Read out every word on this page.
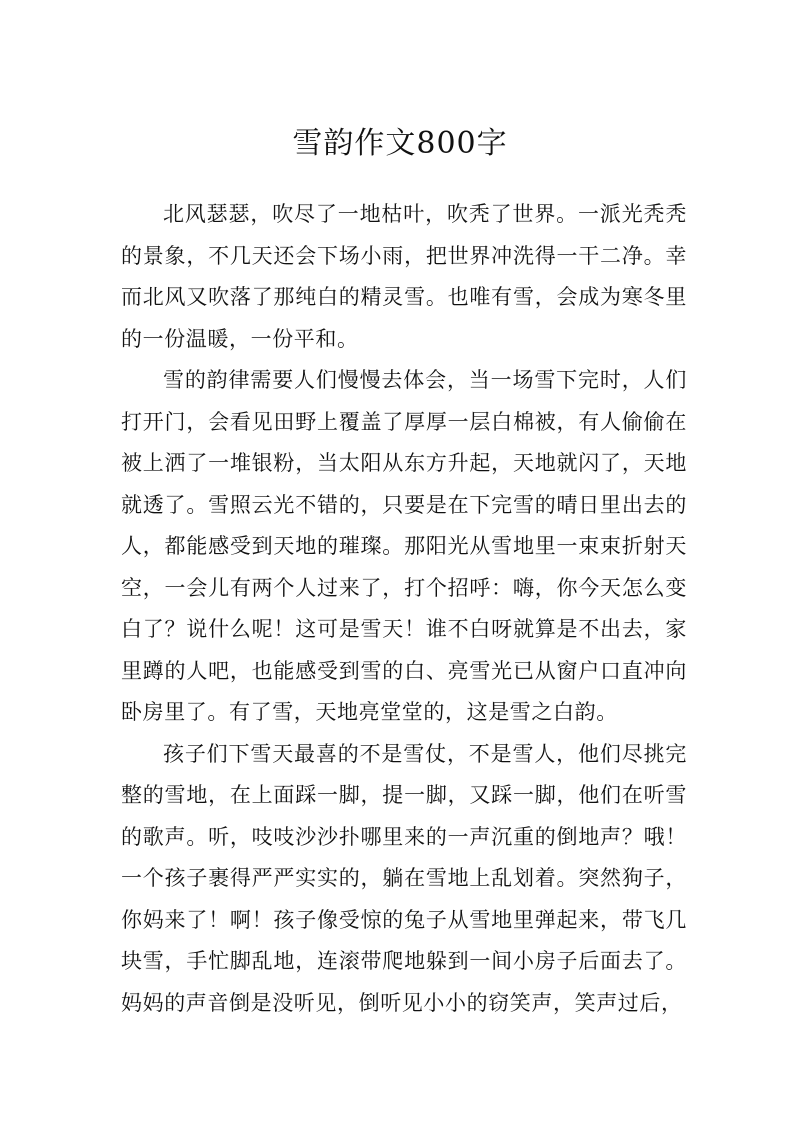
雪韵作文800字

北风瑟瑟，吹尽了一地枯叶，吹秃了世界。一派光秃秃的景象，不几天还会下场小雨，把世界冲洗得一干二净。幸而北风又吹落了那纯白的精灵雪。也唯有雪，会成为寒冬里的一份温暖，一份平和。

雪的韵律需要人们慢慢去体会，当一场雪下完时，人们打开门，会看见田野上覆盖了厚厚一层白棉被，有人偷偷在被上洒了一堆银粉，当太阳从东方升起，天地就闪了，天地就透了。雪照云光不错的，只要是在下完雪的晴日里出去的人，都能感受到天地的璀璨。那阳光从雪地里一束束折射天空，一会儿有两个人过来了，打个招呼：嗨，你今天怎么变白了？说什么呢！这可是雪天！谁不白呀就算是不出去，家里蹲的人吧，也能感受到雪的白、亮雪光已从窗户口直冲向卧房里了。有了雪，天地亮堂堂的，这是雪之白韵。

孩子们下雪天最喜的不是雪仗，不是雪人，他们尽挑完整的雪地，在上面踩一脚，提一脚，又踩一脚，他们在听雪的歌声。听，吱吱沙沙扑哪里来的一声沉重的倒地声？哦！一个孩子裹得严严实实的，躺在雪地上乱划着。突然狗子，你妈来了！啊！孩子像受惊的兔子从雪地里弹起来，带飞几块雪，手忙脚乱地，连滚带爬地躲到一间小房子后面去了。妈妈的声音倒是没听见，倒听见小小的窃笑声，笑声过后，
